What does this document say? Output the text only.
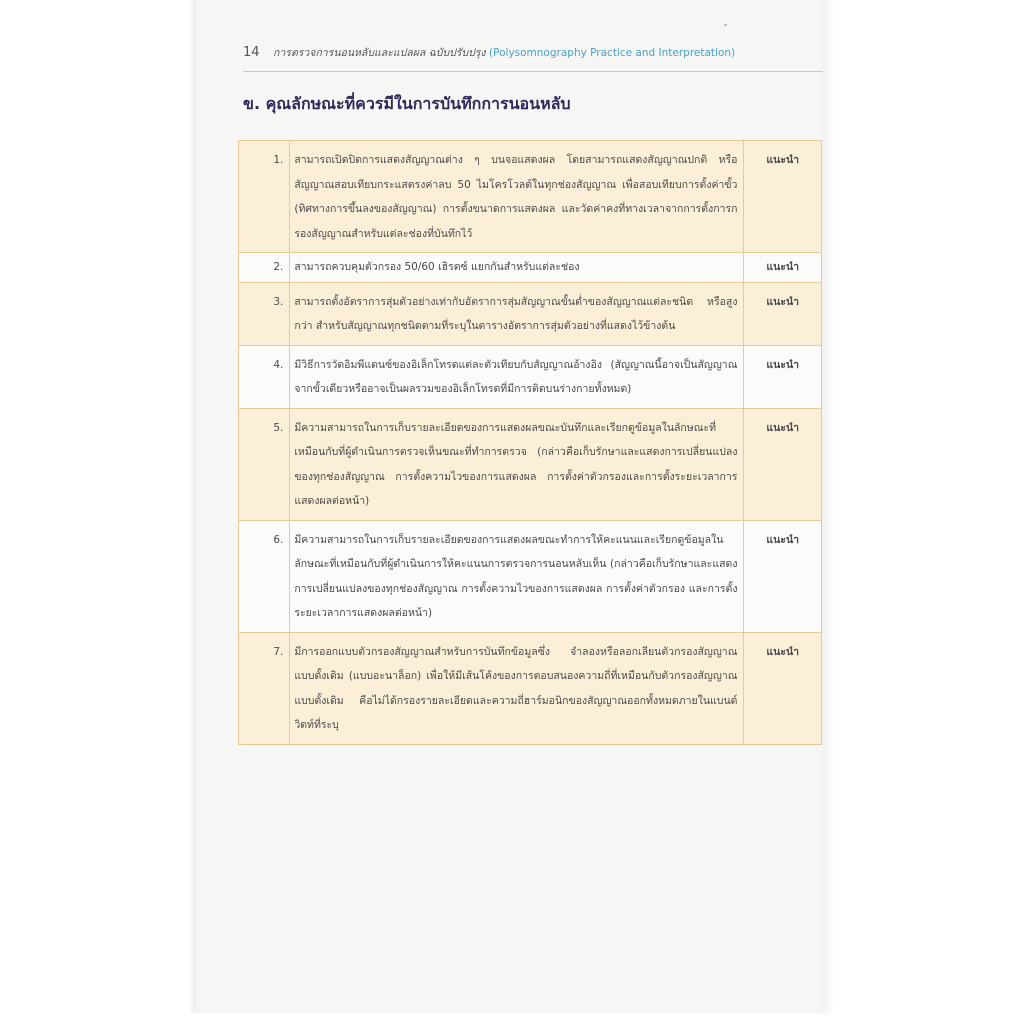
14 การตรวจการนอนหลับและแปลผล ฉบับปรับปรุง (Polysomnography Practice and Interpretation)
ข. คุณลักษณะที่ควรมีในการบันทึกการนอนหลับ
1.	สามารถเปิดปิดการแสดงสัญญาณต่าง ๆ บนจอแสดงผล โดยสามารถแสดงสัญญาณปกติ หรือสัญญาณสอบเทียบกระแสตรงค่าลบ 50 ไมโครโวลต์ในทุกช่องสัญญาณ เพื่อสอบเทียบการตั้งค่าขั้ว (ทิศทางการขึ้นลงของสัญญาณ) การตั้งขนาดการแสดงผล และวัดค่าคงที่ทางเวลาจากการตั้งการกรองสัญญาณสำหรับแต่ละช่องที่บันทึกไว้	แนะนำ
2.	สามารถควบคุมตัวกรอง 50/60 เฮิรตซ์ แยกกันสำหรับแต่ละช่อง	แนะนำ
3.	สามารถตั้งอัตราการสุ่มตัวอย่างเท่ากับอัตราการสุ่มสัญญาณขั้นต่ำของสัญญาณแต่ละชนิด หรือสูงกว่า สำหรับสัญญาณทุกชนิดตามที่ระบุในตารางอัตราการสุ่มตัวอย่างที่แสดงไว้ข้างต้น	แนะนำ
4.	มีวิธีการวัดอิมพีแดนซ์ของอิเล็กโทรดแต่ละตัวเทียบกับสัญญาณอ้างอิง (สัญญาณนี้อาจเป็นสัญญาณจากขั้วเดียวหรืออาจเป็นผลรวมของอิเล็กโทรดที่มีการติดบนร่างกายทั้งหมด)	แนะนำ
5.	มีความสามารถในการเก็บรายละเอียดของการแสดงผลขณะบันทึกและเรียกดูข้อมูลในลักษณะที่เหมือนกับที่ผู้ดำเนินการตรวจเห็นขณะที่ทำการตรวจ (กล่าวคือเก็บรักษาและแสดงการเปลี่ยนแปลงของทุกช่องสัญญาณ การตั้งความไวของการแสดงผล การตั้งค่าตัวกรองและการตั้งระยะเวลาการแสดงผลต่อหน้า)	แนะนำ
6.	มีความสามารถในการเก็บรายละเอียดของการแสดงผลขณะทำการให้คะแนนและเรียกดูข้อมูลในลักษณะที่เหมือนกับที่ผู้ดำเนินการให้คะแนนการตรวจการนอนหลับเห็น (กล่าวคือเก็บรักษาและแสดงการเปลี่ยนแปลงของทุกช่องสัญญาณ การตั้งความไวของการแสดงผล การตั้งค่าตัวกรอง และการตั้งระยะเวลาการแสดงผลต่อหน้า)	แนะนำ
7.	มีการออกแบบตัวกรองสัญญาณสำหรับการบันทึกข้อมูลซึ่ง จำลองหรือลอกเลียนตัวกรองสัญญาณแบบดั้งเดิม (แบบอะนาล็อก) เพื่อให้มีเส้นโค้งของการตอบสนองความถี่ที่เหมือนกับตัวกรองสัญญาณแบบดั้งเดิม คือไม่ได้กรองรายละเอียดและความถี่ฮาร์มอนิกของสัญญาณออกทั้งหมดภายในแบนด์วิดท์ที่ระบุ	แนะนำ
